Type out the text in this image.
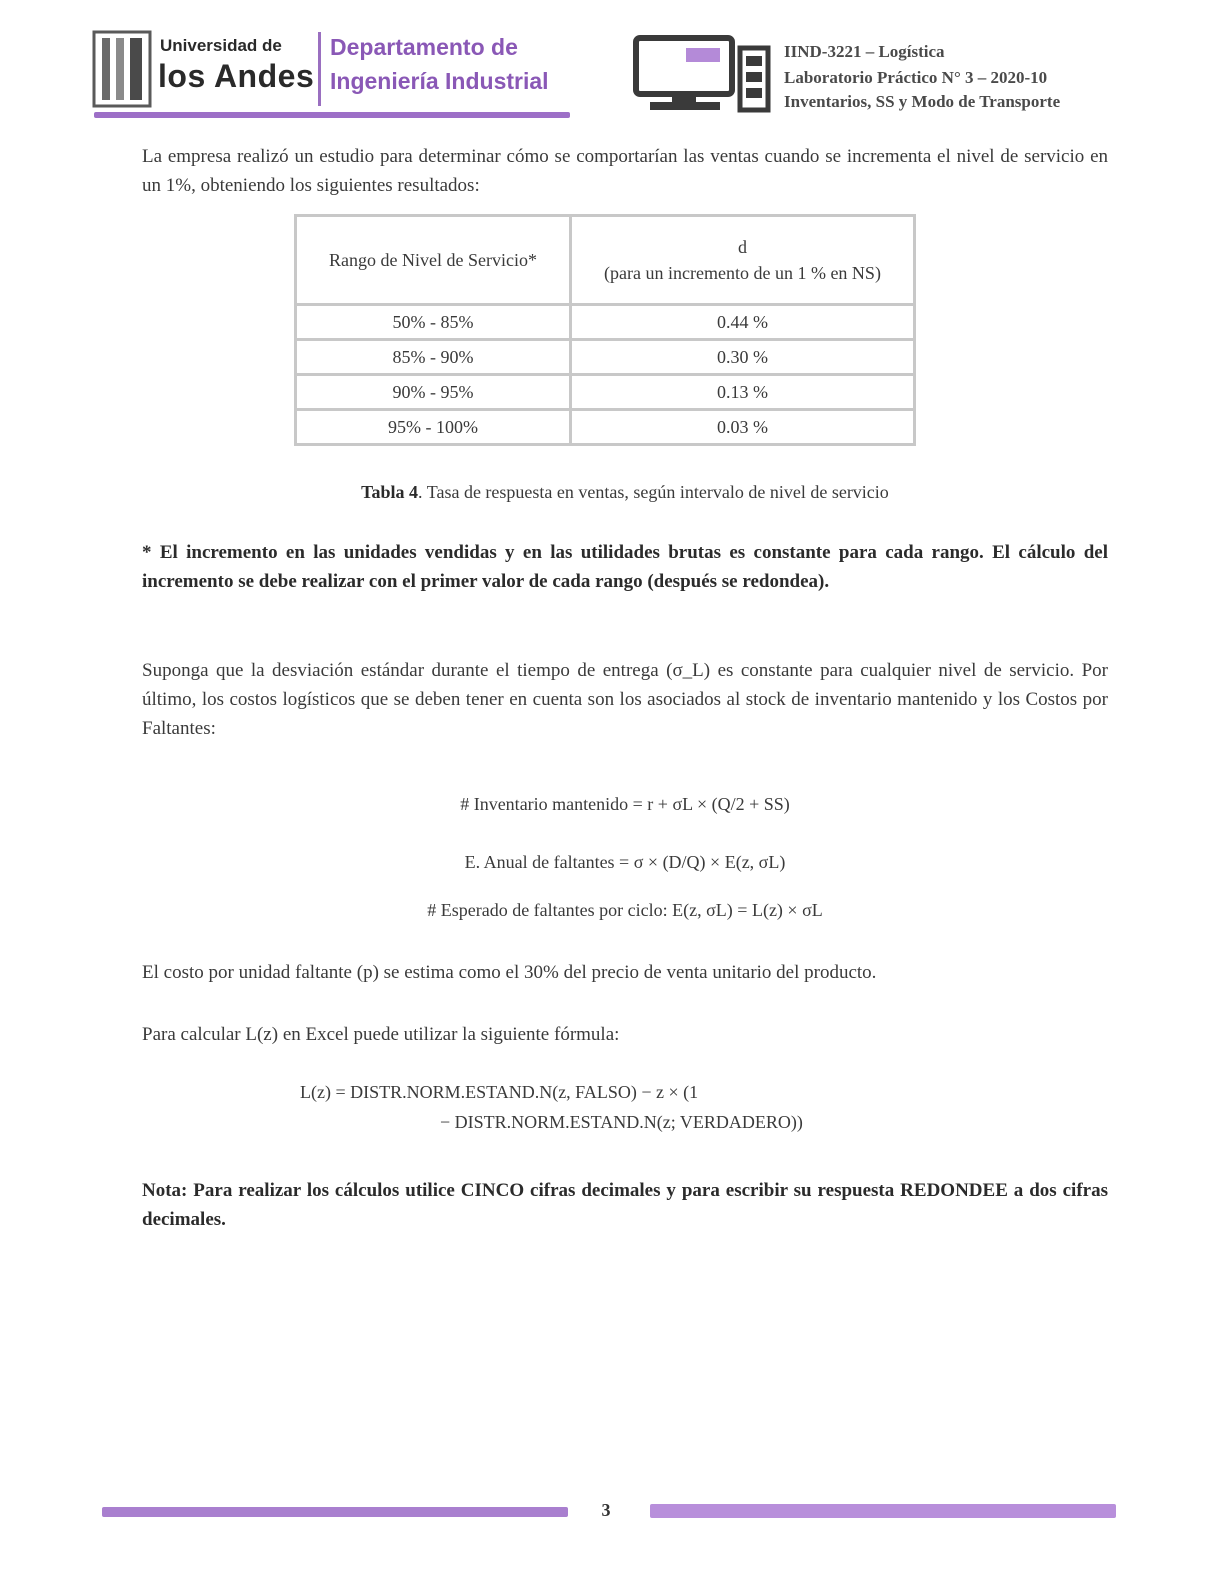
Universidad de
los Andes
Departamento de
Ingeniería Industrial
IIND-3221 – Logística
Laboratorio Práctico N° 3 – 2020-10
Inventarios, SS y Modo de Transporte
La empresa realizó un estudio para determinar cómo se comportarían las ventas cuando se incrementa el nivel de servicio en un 1%, obteniendo los siguientes resultados:
Rango de Nivel de Servicio*	d
(para un incremento de un 1 % en NS)

50% - 85%	0.44 %
85% - 90%	0.30 %
90% - 95%	0.13 %
95% - 100%	0.03 %
Tabla 4. Tasa de respuesta en ventas, según intervalo de nivel de servicio
* El incremento en las unidades vendidas y en las utilidades brutas es constante para cada rango. El cálculo del incremento se debe realizar con el primer valor de cada rango (después se redondea).
Suponga que la desviación estándar durante el tiempo de entrega (σ_L) es constante para cualquier nivel de servicio. Por último, los costos logísticos que se deben tener en cuenta son los asociados al stock de inventario mantenido y los Costos por Faltantes:
# Inventario mantenido = r + σL × (Q/2 + SS)
E. Anual de faltantes = σ × (D/Q) × E(z, σL)
# Esperado de faltantes por ciclo: E(z, σL) = L(z) × σL
El costo por unidad faltante (p) se estima como el 30% del precio de venta unitario del producto.
Para calcular L(z) en Excel puede utilizar la siguiente fórmula:
L(z) = DISTR.NORM.ESTAND.N(z, FALSO) − z × (1
− DISTR.NORM.ESTAND.N(z; VERDADERO))
Nota: Para realizar los cálculos utilice CINCO cifras decimales y para escribir su respuesta REDONDEE a dos cifras decimales.
3
